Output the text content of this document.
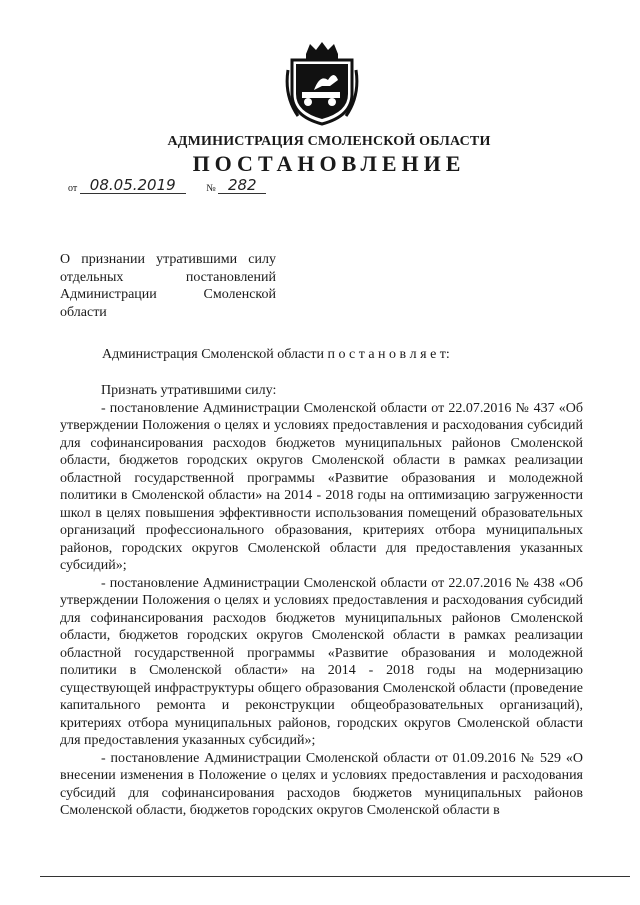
АДМИНИСТРАЦИЯ СМОЛЕНСКОЙ ОБЛАСТИ
ПОСТАНОВЛЕНИЕ
от 08.05.2019	№ 282
О признании утратившими силу отдельных постановлений Администрации Смоленской области
Администрация Смоленской области п о с т а н о в л я е т:

Признать утратившими силу:

- постановление Администрации Смоленской области от 22.07.2016 № 437 «Об утверждении Положения о целях и условиях предоставления и расходования субсидий для софинансирования расходов бюджетов муниципальных районов Смоленской области, бюджетов городских округов Смоленской области в рамках реализации областной государственной программы «Развитие образования и молодежной политики в Смоленской области» на 2014 - 2018 годы на оптимизацию загруженности школ в целях повышения эффективности использования помещений образовательных организаций профессионального образования, критериях отбора муниципальных районов, городских округов Смоленской области для предоставления указанных субсидий»;

- постановление Администрации Смоленской области от 22.07.2016 № 438 «Об утверждении Положения о целях и условиях предоставления и расходования субсидий для софинансирования расходов бюджетов муниципальных районов Смоленской области, бюджетов городских округов Смоленской области в рамках реализации областной государственной программы «Развитие образования и молодежной политики в Смоленской области» на 2014 - 2018 годы на модернизацию существующей инфраструктуры общего образования Смоленской области (проведение капитального ремонта и реконструкции общеобразовательных организаций), критериях отбора муниципальных районов, городских округов Смоленской области для предоставления указанных субсидий»;

- постановление Администрации Смоленской области от 01.09.2016 № 529 «О внесении изменения в Положение о целях и условиях предоставления и расходования субсидий для софинансирования расходов бюджетов муниципальных районов Смоленской области, бюджетов городских округов Смоленской области в
